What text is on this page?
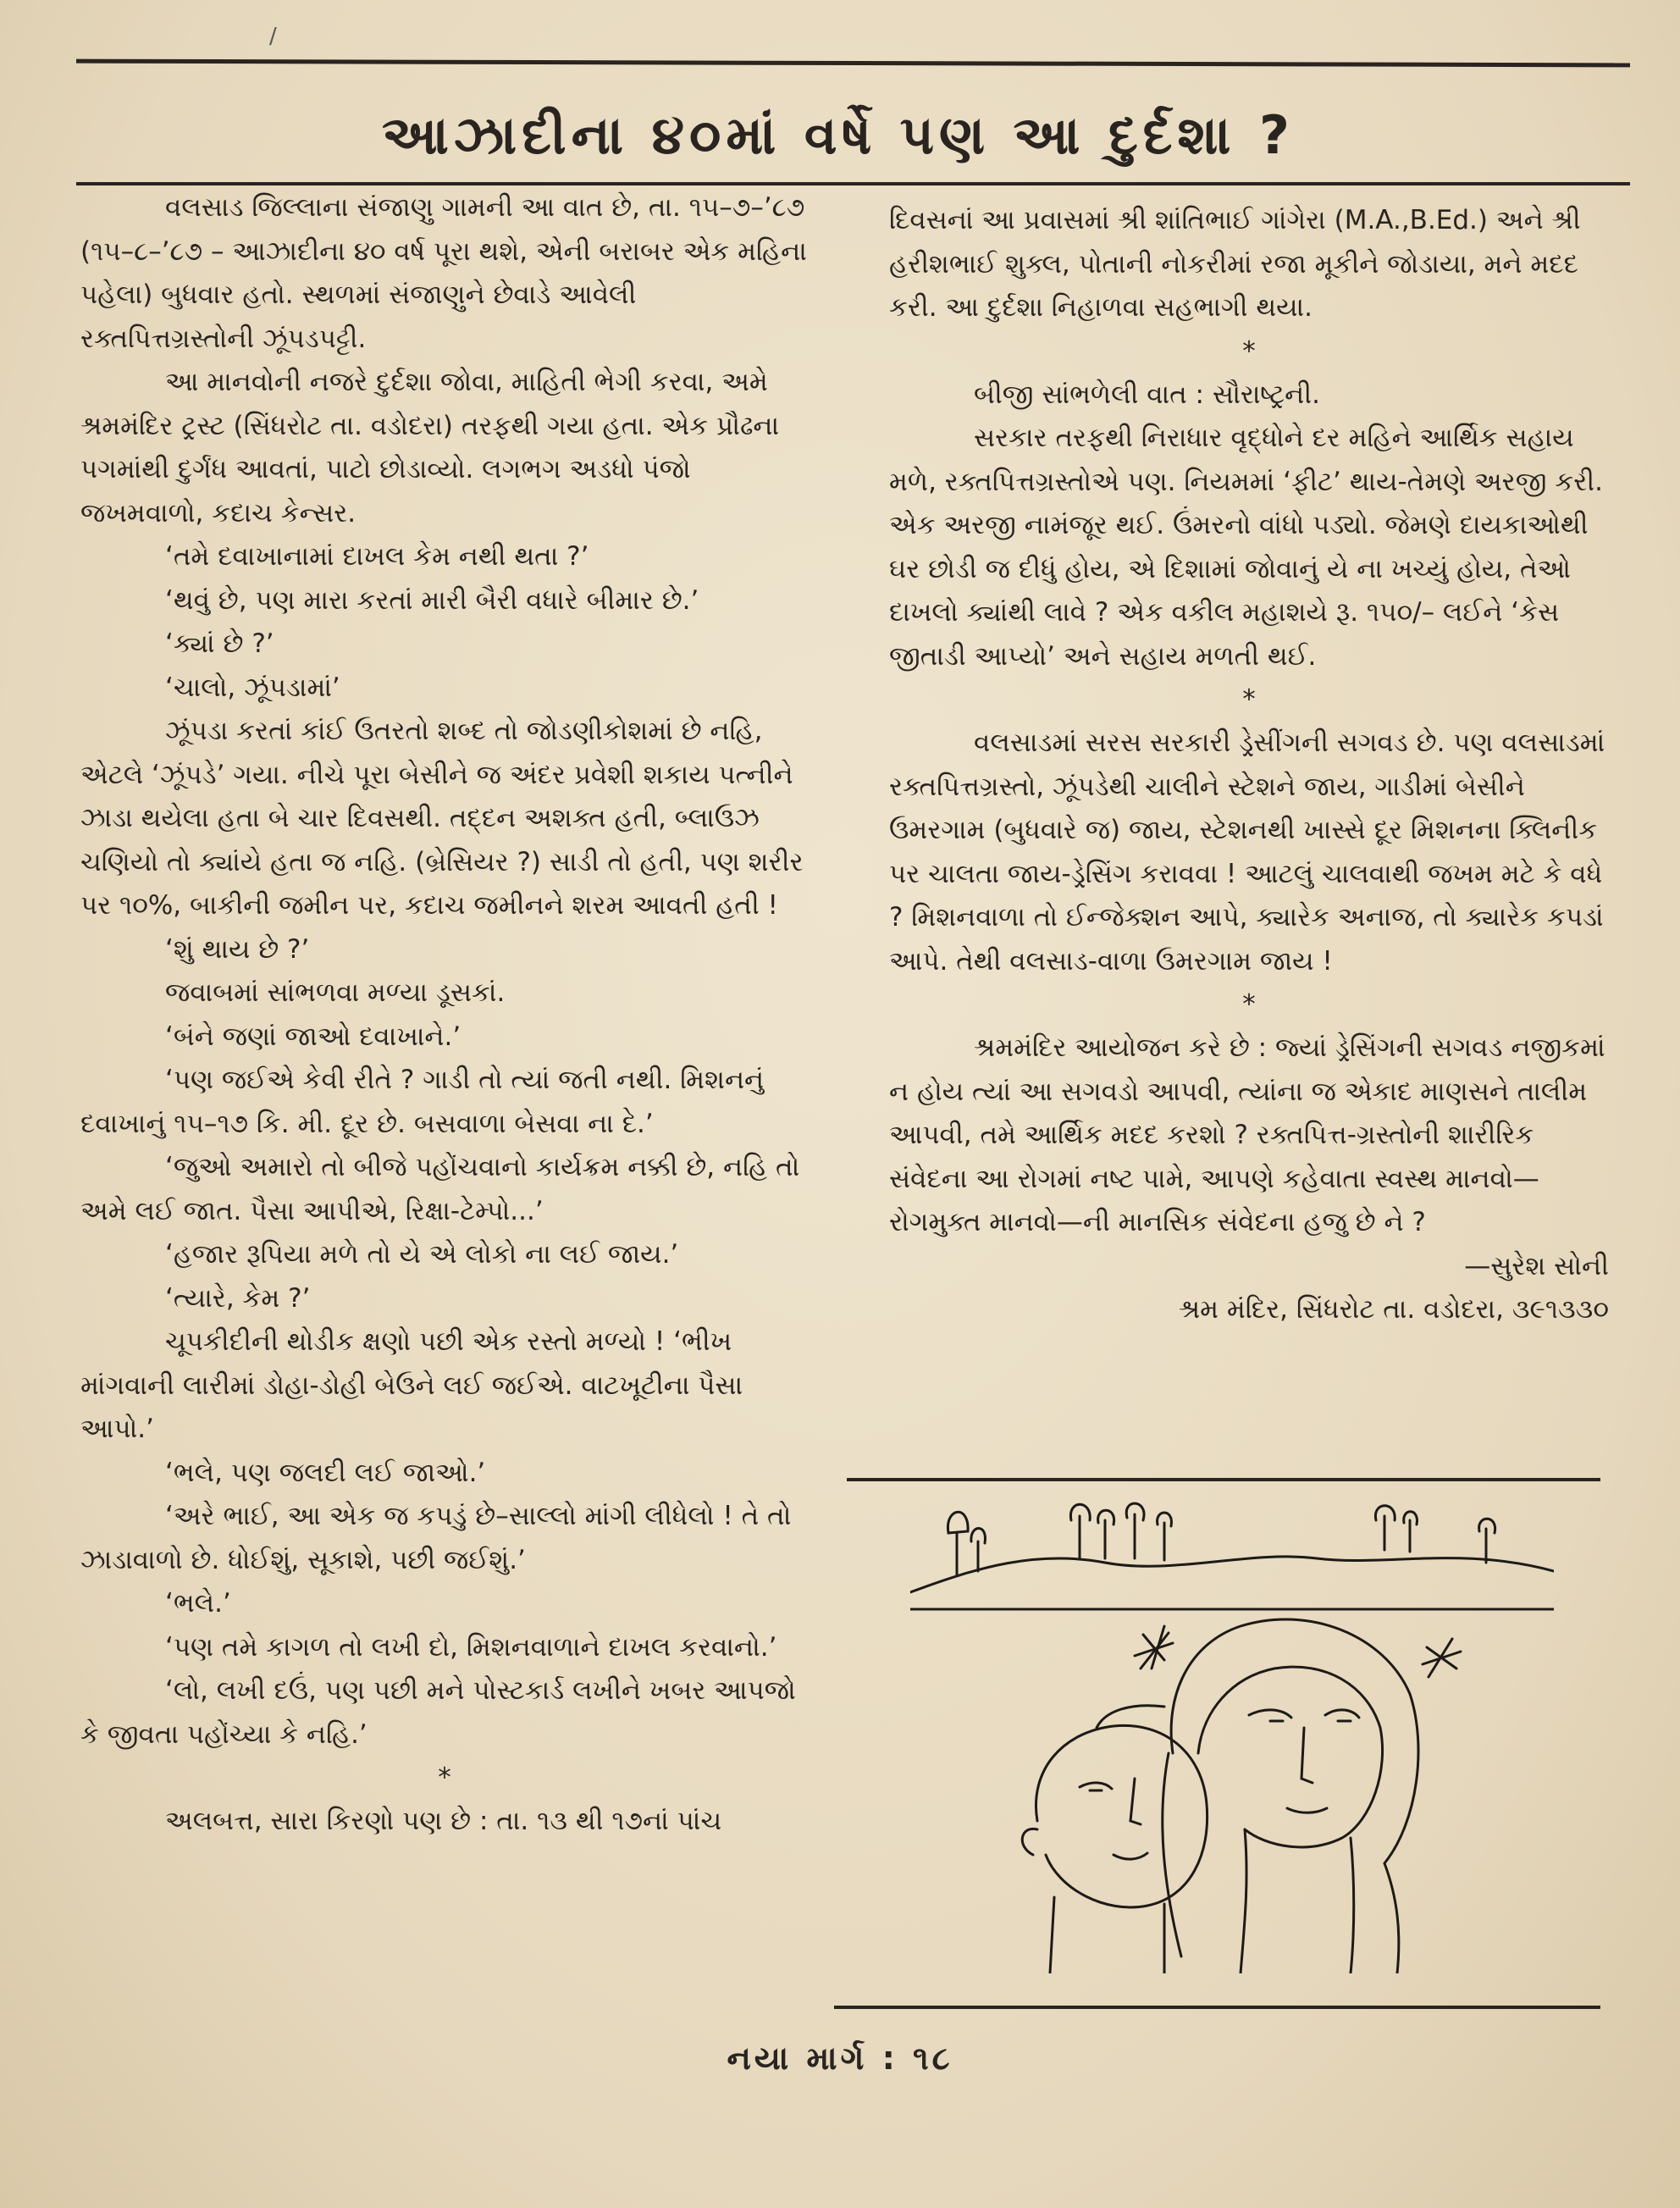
/
આઝાદીના ૪૦માં વર્ષે પણ આ દુર્દશા ?

વલસાડ જિલ્લાના સંજાણુ ગામની આ વાત છે, તા. ૧૫–૭–’૮૭ (૧૫–૮–’૮૭ – આઝાદીના ૪૦ વર્ષ પૂરા થશે, એની બરાબર એક મહિના પહેલા) બુધવાર હતો. સ્થળમાં સંજાણુને છેવાડે આવેલી રક્તપિત્તગ્રસ્તોની ઝૂંપડપટ્ટી.

આ માનવોની નજરે દુર્દશા જોવા, માહિતી ભેગી કરવા, અમે શ્રમમંદિર ટ્રસ્ટ (સિંધરોટ તા. વડોદરા) તરફથી ગયા હતા. એક પ્રૌઢના પગમાંથી દુર્ગંધ આવતાં, પાટો છોડાવ્યો. લગભગ અડધો પંજો જખમવાળો, કદાચ કેન્સર.

‘તમે દવાખાનામાં દાખલ કેમ નથી થતા ?’

‘થવું છે, પણ મારા કરતાં મારી બૈરી વધારે બીમાર છે.’

‘ક્યાં છે ?’

‘ચાલો, ઝૂંપડામાં’

ઝૂંપડા કરતાં કાંઈ ઉતરતો શબ્દ તો જોડણીકોશમાં છે નહિ, એટલે ‘ઝૂંપડે’ ગયા. નીચે પૂરા બેસીને જ અંદર પ્રવેશી શકાય પત્નીને ઝાડા થયેલા હતા બે ચાર દિવસથી. તદ્દન અશક્ત હતી, બ્લાઉઝ ચણિયો તો ક્યાંયે હતા જ નહિ. (બ્રેસિયર ?) સાડી તો હતી, પણ શરીર પર ૧૦%, બાકીની જમીન પર, કદાચ જમીનને શરમ આવતી હતી !

‘શું થાય છે ?’

જવાબમાં સાંભળવા મળ્યા ડૂસકાં.

‘બંને જણાં જાઓ દવાખાને.’

‘પણ જઈએ કેવી રીતે ? ગાડી તો ત્યાં જતી નથી. મિશનનું દવાખાનું ૧૫–૧૭ કિ. મી. દૂર છે. બસવાળા બેસવા ના દે.’

‘જુઓ અમારો તો બીજે પહોંચવાનો કાર્યક્રમ નક્કી છે, નહિ તો અમે લઈ જાત. પૈસા આપીએ, રિક્ષા-ટેમ્પો...’

‘હજાર રૂપિયા મળે તો યે એ લોકો ના લઈ જાય.’

‘ત્યારે, કેમ ?’

ચૂપકીદીની થોડીક ક્ષણો પછી એક રસ્તો મળ્યો ! ‘ભીખ માંગવાની લારીમાં ડોહા-ડોહી બેઉને લઈ જઈએ. વાટખૂટીના પૈસા આપો.’

‘ભલે, પણ જલદી લઈ જાઓ.’

‘અરે ભાઈ, આ એક જ કપડું છે–સાલ્લો માંગી લીધેલો ! તે તો ઝાડાવાળો છે. ધોઈશું, સૂકાશે, પછી જઈશું.’

‘ભલે.’

‘પણ તમે કાગળ તો લખી દો, મિશનવાળાને દાખલ કરવાનો.’

‘લો, લખી દઉં, પણ પછી મને પોસ્ટકાર્ડ લખીને ખબર આપજો કે જીવતા પહોંચ્યા કે નહિ.’

*

અલબત્ત, સારા કિરણો પણ છે : તા. ૧૩ થી ૧૭નાં પાંચ

દિવસનાં આ પ્રવાસમાં શ્રી શાંતિભાઈ ગાંગેરા (M.A.,B.Ed.) અને શ્રી હરીશભાઈ શુક્લ, પોતાની નોકરીમાં રજા મૂકીને જોડાયા, મને મદદ કરી. આ દુર્દશા નિહાળવા સહભાગી થયા.

*

બીજી સાંભળેલી વાત : સૌરાષ્ટ્રની.

સરકાર તરફથી નિરાધાર વૃદ્ધોને દર મહિને આર્થિક સહાય મળે, રક્તપિત્તગ્રસ્તોએ પણ. નિયમમાં ‘ફીટ’ થાય-તેમણે અરજી કરી. એક અરજી નામંજૂર થઈ. ઉંમરનો વાંધો પડ્યો. જેમણે દાયકાઓથી ઘર છોડી જ દીધું હોય, એ દિશામાં જોવાનું યે ના ખચ્યું હોય, તેઓ દાખલો ક્યાંથી લાવે ? એક વકીલ મહાશયે રૂ. ૧૫૦/– લઈને ‘કેસ જીતાડી આપ્યો’ અને સહાય મળતી થઈ.

*

વલસાડમાં સરસ સરકારી ડ્રેસીંગની સગવડ છે. પણ વલસાડમાં રક્તપિત્તગ્રસ્તો, ઝૂંપડેથી ચાલીને સ્ટેશને જાય, ગાડીમાં બેસીને ઉમરગામ (બુધવારે જ) જાય, સ્ટેશનથી ખાસ્સે દૂર મિશનના ક્લિનીક પર ચાલતા જાય-ડ્રેસિંગ કરાવવા ! આટલું ચાલવાથી જખમ મટે કે વધે ? મિશનવાળા તો ઈન્જેક્શન આપે, ક્યારેક અનાજ, તો ક્યારેક કપડાં આપે. તેથી વલસાડ-વાળા ઉમરગામ જાય !

*

શ્રમમંદિર આયોજન કરે છે : જ્યાં ડ્રેસિંગની સગવડ નજીકમાં ન હોય ત્યાં આ સગવડો આપવી, ત્યાંના જ એકાદ માણસને તાલીમ આપવી, તમે આર્થિક મદદ કરશો ? રક્તપિત્ત-ગ્રસ્તોની શારીરિક સંવેદના આ રોગમાં નષ્ટ પામે, આપણે કહેવાતા સ્વસ્થ માનવો—રોગમુક્ત માનવો—ની માનસિક સંવેદના હજુ છે ને ?

—સુરેશ સોની

શ્રમ મંદિર, સિંધરોટ તા. વડોદરા, ૩૯૧૩૩૦

નયા માર્ગ : ૧૮
